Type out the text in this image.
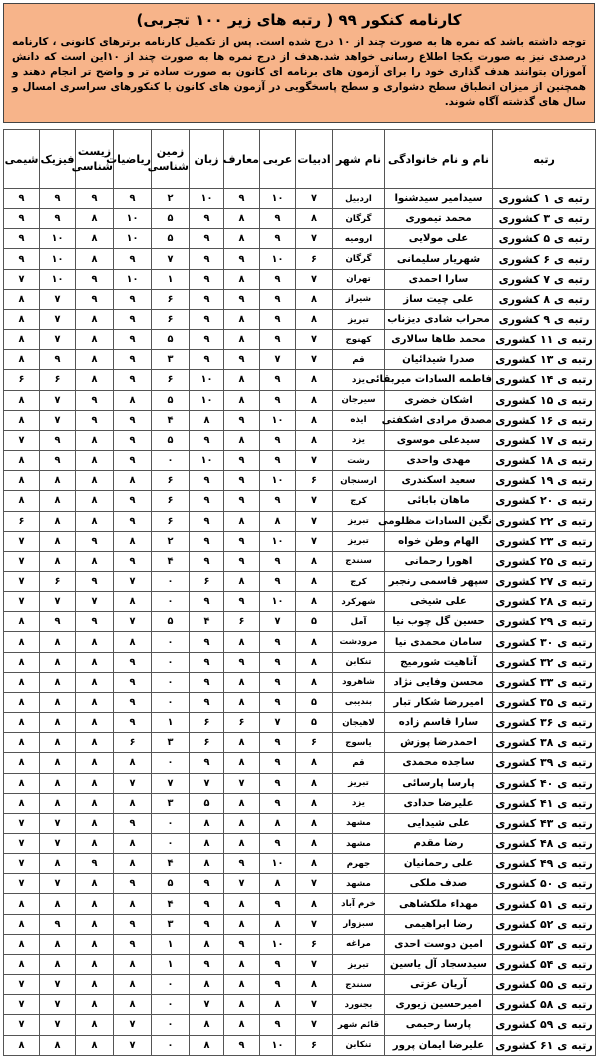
کارنامه کنکور ۹۹ ( رتبه های زیر ۱۰۰ تجربی)

توجه داشته باشد که نمره ها به صورت چند از ۱۰ درج شده است. پس از تکمیل کارنامه برترهای کانونی ، کارنامه درصدی نیز به صورت یکجا اطلاع رسانی خواهد شد.هدف از درج نمره ها به صورت چند از ۱۰این است که دانش آموزان بتوانند هدف گذاری خود را برای آزمون های برنامه ای کانون به صورت ساده تر و واضح تر انجام دهند و همچنین از میزان انطباق سطح دشواری و سطح پاسخگویی در آزمون های کانون با کنکورهای سراسری امسال و سال های گذشته آگاه شوند.

رتبه	نام و نام خانوادگی	نام شهر	ادبیات	عربی	معارف	زبان	زمین شناسی	ریاضیات	زیست شناسی	فیزیک	شیمی
رتبه ی ۱ کشوری	سیدامیر سیدشنوا	اردبیل	۷	۱۰	۹	۱۰	۲	۹	۹	۹	۹
رتبه ی ۳ کشوری	محمد تیموری	گرگان	۸	۹	۸	۹	۵	۱۰	۸	۹	۹
رتبه ی ۵ کشوری	علی مولایی	ارومیه	۷	۹	۸	۹	۵	۱۰	۸	۱۰	۹
رتبه ی ۶ کشوری	شهریار سلیمانی	گرگان	۶	۱۰	۹	۹	۷	۹	۸	۱۰	۹
رتبه ی ۷ کشوری	سارا احمدی	تهران	۷	۹	۸	۹	۱	۱۰	۹	۱۰	۷
رتبه ی ۸ کشوری	علی چیت ساز	شیراز	۸	۹	۹	۹	۶	۹	۹	۷	۸
رتبه ی ۹ کشوری	محراب شادی دیزناب	تبریز	۸	۹	۸	۹	۶	۹	۸	۷	۸
رتبه ی ۱۱ کشوری	محمد طاها سالاری	کهنوج	۷	۹	۸	۹	۵	۹	۸	۷	۸
رتبه ی ۱۳ کشوری	صدرا شیدائیان	قم	۷	۷	۹	۹	۳	۹	۸	۹	۸
رتبه ی ۱۴ کشوری	فاطمه السادات میربقائی	یزد	۸	۹	۸	۱۰	۶	۹	۸	۶	۶
رتبه ی ۱۵ کشوری	اشکان خضری	سیرجان	۸	۹	۸	۱۰	۵	۸	۹	۷	۸
رتبه ی ۱۶ کشوری	مصدق مرادی اشکفتی	ایذه	۸	۱۰	۹	۸	۴	۹	۹	۷	۸
رتبه ی ۱۷ کشوری	سیدعلی موسوی	یزد	۸	۹	۸	۹	۵	۹	۸	۹	۷
رتبه ی ۱۸ کشوری	مهدی واحدی	رشت	۷	۹	۹	۱۰	۰	۹	۸	۹	۸
رتبه ی ۱۹ کشوری	سعید اسکندری	ارسنجان	۶	۱۰	۹	۹	۶	۸	۸	۸	۸
رتبه ی ۲۰ کشوری	ماهان بابائی	کرج	۷	۹	۹	۹	۶	۹	۸	۸	۸
رتبه ی ۲۲ کشوری	نگین السادات مظلومی	تبریز	۷	۸	۸	۹	۶	۹	۸	۸	۶
رتبه ی ۲۳ کشوری	الهام وطن خواه	تبریز	۷	۱۰	۹	۹	۲	۸	۹	۸	۷
رتبه ی ۲۵ کشوری	اهورا رحمانی	سنندج	۸	۹	۹	۹	۴	۹	۸	۸	۷
رتبه ی ۲۷ کشوری	سپهر قاسمی رنجبر	کرج	۸	۹	۸	۶	۰	۷	۹	۶	۷
رتبه ی ۲۸ کشوری	علی شیخی	شهرکرد	۸	۱۰	۹	۹	۰	۸	۷	۷	۷
رتبه ی ۲۹ کشوری	حسین گل چوب نیا	آمل	۵	۷	۶	۴	۵	۷	۹	۹	۸
رتبه ی ۳۰ کشوری	سامان محمدی نیا	مرودشت	۸	۹	۸	۹	۰	۸	۸	۸	۸
رتبه ی ۳۲ کشوری	آناهیت شورمیج	تنکابن	۸	۹	۹	۹	۰	۹	۸	۸	۸
رتبه ی ۳۳ کشوری	محسن وفایی نژاد	شاهرود	۸	۹	۸	۹	۰	۹	۸	۸	۸
رتبه ی ۳۵ کشوری	امیررضا شکار تبار	بندیبی	۵	۹	۸	۹	۰	۹	۸	۸	۸
رتبه ی ۳۶ کشوری	سارا قاسم زاده	لاهیجان	۵	۷	۶	۶	۱	۹	۸	۸	۸
رتبه ی ۳۸ کشوری	احمدرضا پوزش	یاسوج	۶	۹	۸	۶	۳	۶	۸	۸	۸
رتبه ی ۳۹ کشوری	ساجده محمدی	قم	۸	۹	۸	۹	۰	۸	۸	۸	۸
رتبه ی ۴۰ کشوری	پارسا پارسائی	تبریز	۸	۹	۷	۷	۷	۷	۸	۸	۸
رتبه ی ۴۱ کشوری	علیرضا حدادی	یزد	۸	۹	۸	۵	۳	۸	۸	۸	۸
رتبه ی ۴۳ کشوری	علی شیدایی	مشهد	۸	۸	۸	۸	۰	۹	۸	۷	۷
رتبه ی ۴۸ کشوری	رضا مقدم	مشهد	۸	۹	۸	۸	۰	۸	۸	۷	۷
رتبه ی ۴۹ کشوری	علی رحمانیان	جهرم	۸	۱۰	۹	۸	۴	۸	۹	۸	۷
رتبه ی ۵۰ کشوری	صدف ملکی	مشهد	۷	۸	۷	۹	۵	۹	۸	۷	۷
رتبه ی ۵۱ کشوری	مهداء ملکشاهی	خرم آباد	۸	۹	۸	۹	۴	۸	۸	۸	۸
رتبه ی ۵۲ کشوری	رضا ابراهیمی	سبزوار	۷	۸	۸	۹	۳	۹	۸	۹	۸
رتبه ی ۵۳ کشوری	امین دوست احدی	مراغه	۶	۱۰	۹	۸	۱	۹	۸	۸	۸
رتبه ی ۵۴ کشوری	سیدسجاد آل یاسین	تبریز	۷	۹	۸	۹	۱	۸	۸	۸	۸
رتبه ی ۵۵ کشوری	آریان عزتی	سنندج	۸	۹	۸	۸	۰	۸	۸	۷	۷
رتبه ی ۵۸ کشوری	امیرحسین زیوری	بجنورد	۷	۸	۸	۷	۰	۸	۸	۷	۷
رتبه ی ۵۹ کشوری	پارسا رحیمی	قائم شهر	۷	۹	۸	۸	۰	۷	۸	۷	۷
رتبه ی ۶۱ کشوری	علیرضا ایمان پرور	تنکابن	۶	۱۰	۹	۸	۰	۷	۸	۸	۸
